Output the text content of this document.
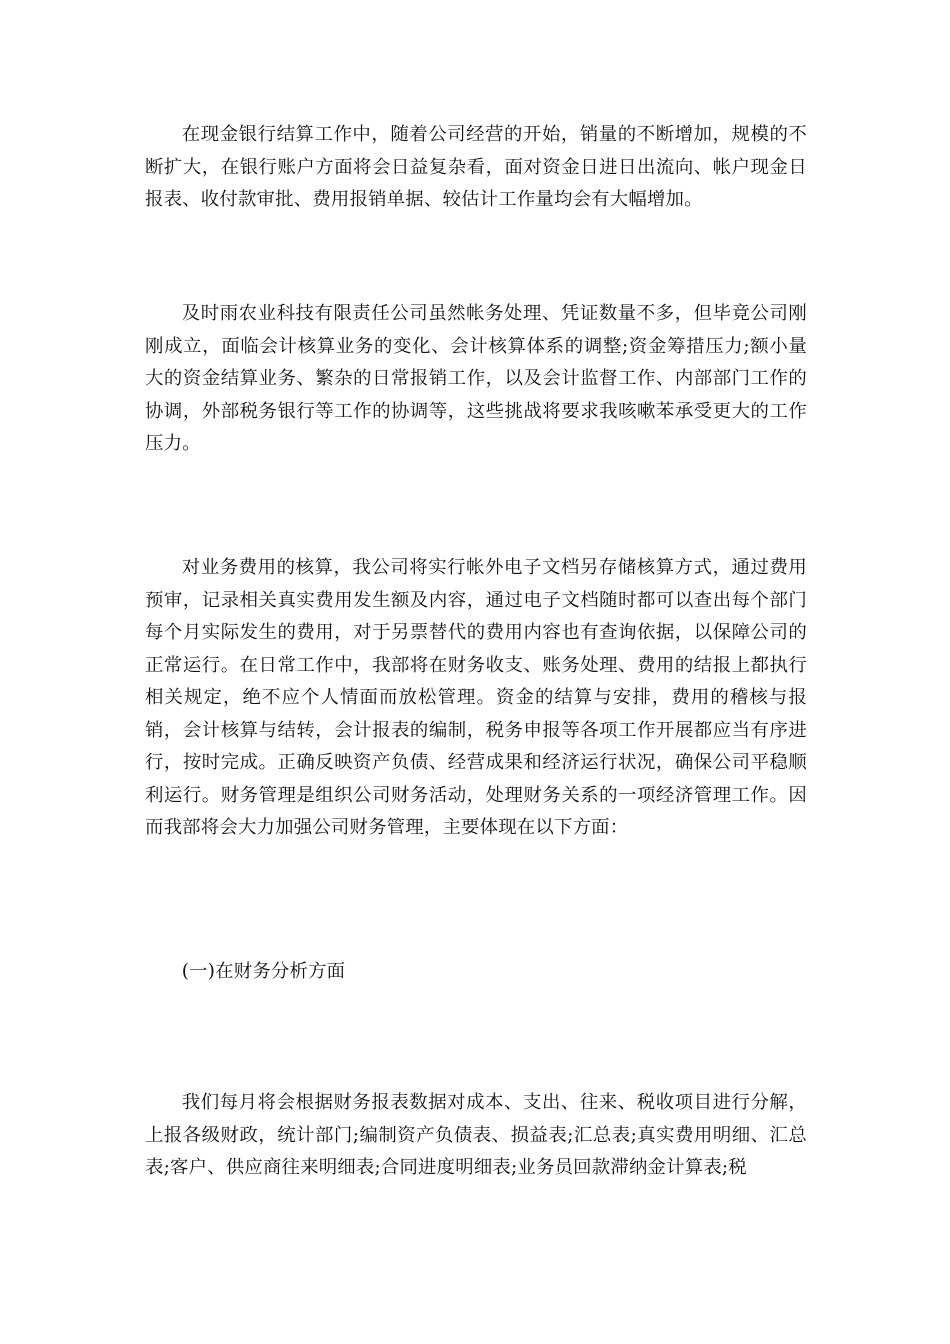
在现金银行结算工作中，随着公司经营的开始，销量的不断增加，规模的不断扩大，在银行账户方面将会日益复杂看，面对资金日进日出流向、帐户现金日报表、收付款审批、费用报销单据、较估计工作量均会有大幅增加。

及时雨农业科技有限责任公司虽然帐务处理、凭证数量不多，但毕竟公司刚刚成立，面临会计核算业务的变化、会计核算体系的调整;资金筹措压力;额小量大的资金结算业务、繁杂的日常报销工作，以及会计监督工作、内部部门工作的协调，外部税务银行等工作的协调等，这些挑战将要求我咳嗽苯承受更大的工作压力。

对业务费用的核算，我公司将实行帐外电子文档另存储核算方式，通过费用预审，记录相关真实费用发生额及内容，通过电子文档随时都可以查出每个部门每个月实际发生的费用，对于另票替代的费用内容也有查询依据，以保障公司的正常运行。在日常工作中，我部将在财务收支、账务处理、费用的结报上都执行相关规定，绝不应个人情面而放松管理。资金的结算与安排，费用的稽核与报销，会计核算与结转，会计报表的编制，税务申报等各项工作开展都应当有序进行，按时完成。正确反映资产负债、经营成果和经济运行状况，确保公司平稳顺利运行。财务管理是组织公司财务活动，处理财务关系的一项经济管理工作。因而我部将会大力加强公司财务管理，主要体现在以下方面：

(一)在财务分析方面

我们每月将会根据财务报表数据对成本、支出、往来、税收项目进行分解，上报各级财政，统计部门;编制资产负债表、损益表;汇总表;真实费用明细、汇总表;客户、供应商往来明细表;合同进度明细表;业务员回款滞纳金计算表;税
